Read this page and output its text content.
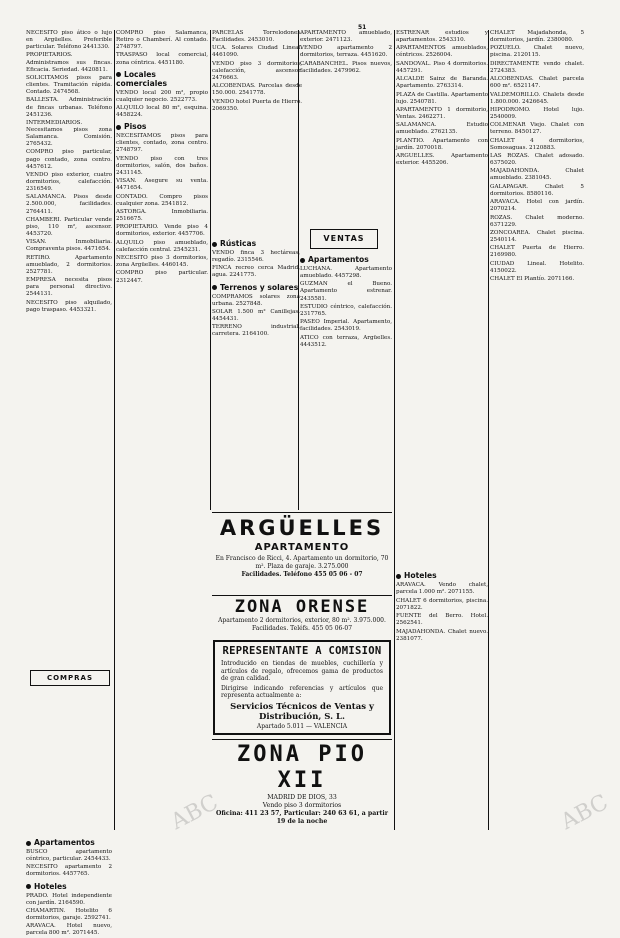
51

NECESITO piso ático o lujo en Argüelles. Preferible particular. Teléfono 2441330.

PROPIETARIOS. Administramos sus fincas. Eficacia. Seriedad. 4420811.

SOLICITAMOS pisos para clientes. Tramitación rápida. Contado. 2474568.

BALLESTA. Administración de fincas urbanas. Teléfono 2451236.

INTERMEDIARIOS. Necesitamos pisos zona Salamanca. Comisión. 2765432.

COMPRO piso particular, pago contado, zona centro. 4457612.

VENDO piso exterior, cuatro dormitorios, calefacción. 2316549.

SALAMANCA. Pisos desde 2.500.000, facilidades. 2764411.

CHAMBERI. Particular vende piso, 110 m², ascensor. 4453720.

VISAN. Inmobiliaria. Compraventa pisos. 4471654.

RETIRO. Apartamento amueblado, 2 dormitorios. 2527781.

EMPRESA necesita pisos para personal directivo. 2544131.

NECESITO piso alquilado, pago traspaso. 4453321.

Apartamentos

BUSCO apartamento céntrico, particular. 2454433.

NECESITO apartamento 2 dormitorios. 4457765.

Hoteles

PRADO. Hotel independiente con jardín. 2164590.

CHAMARTIN. Hotelito 6 dormitorios, garaje. 2592741.

ARAVACA. Hotel nuevo, parcela 800 m². 2071445.

COMPRAS

COMPRO piso Salamanca, Retiro o Chamberí. Al contado. 2748797.

TRASPASO local comercial, zona céntrica. 4451180.

Locales comerciales

VENDO local 200 m², propio cualquier negocio. 2522773.

ALQUILO local 80 m², esquina. 4458224.

Pisos

NECESITAMOS pisos para clientes, contado, zona centro. 2748797.

VENDO piso con tres dormitorios, salón, dos baños. 2431145.

VISAN. Asegure su venta. 4471654.

CONTADO. Compro pisos cualquier zona. 2541812.

ASTORGA. Inmobiliaria. 2516675.

PROPIETARIO. Vende piso 4 dormitorios, exterior. 4457706.

ALQUILO piso amueblado, calefacción central. 2545231.

NECESITO piso 3 dormitorios, zona Argüelles. 4460145.

COMPRO piso particular. 2312447.

PARCELAS Torrelodones. Facilidades. 2453010.

UCA. Solares Ciudad Lineal. 4461090.

VENDO piso 3 dormitorios, calefacción, ascensor. 2476663.

ALCOBENDAS. Parcelas desde 150.000. 2541778.

VENDO hotel Puerta de Hierro. 2069350.

Rústicas

VENDO finca 3 hectáreas, regadío. 2315546.

FINCA recreo cerca Madrid, agua. 2241775.

Terrenos y solares

COMPRAMOS solares zona urbana. 2527848.

SOLAR 1.500 m² Canillejas. 4454431.

TERRENO industrial, carretera. 2164100.

APARTAMENTO amueblado, exterior. 2471123.

VENDO apartamento 2 dormitorios, terraza. 4451620.

CARABANCHEL. Pisos nuevos, facilidades. 2479962.

VENTAS
Apartamentos

LUCHANA. Apartamento amueblado. 4457298.

GUZMAN el Bueno. Apartamento estrenar. 2435581.

ESTUDIO céntrico, calefacción. 2317765.

PASEO Imperial. Apartamento, facilidades. 2543019.

ATICO con terraza, Argüelles. 4443512.

ESTRENAR estudios y apartamentos. 2543310.

APARTAMENTOS amueblados, céntricos. 2526004.

SANDOVAL. Piso 4 dormitorios. 4457291.

ALCALDE Sainz de Baranda. Apartamento. 2763314.

PLAZA de Castilla. Apartamento lujo. 2540781.

APARTAMENTO 1 dormitorio, Ventas. 2462271.

SALAMANCA. Estudio amueblado. 2762135.

PLANTIO. Apartamento con jardín. 2070018.

ARGUELLES. Apartamento exterior. 4455206.

Hoteles

ARAVACA. Vendo chalet, parcela 1.000 m². 2071155.

CHALET 6 dormitorios, piscina. 2071822.

FUENTE del Berro. Hotel. 2562541.

MAJADAHONDA. Chalet nuevo. 2381077.

CHALET Majadahonda, 5 dormitorios, jardín. 2380080.

POZUELO. Chalet nuevo, piscina. 2120115.

DIRECTAMENTE vendo chalet. 2724383.

ALCOBENDAS. Chalet parcela 600 m². 6521147.

VALDEMORILLO. Chalets desde 1.800.000. 2426645.

HIPODROMO. Hotel lujo. 2540009.

COLMENAR Viejo. Chalet con terreno. 8450127.

CHALET 4 dormitorios, Somosaguas. 2120883.

LAS ROZAS. Chalet adosado. 6375020.

MAJADAHONDA. Chalet amueblado. 2381045.

GALAPAGAR. Chalet 5 dormitorios. 8580116.

ARAVACA. Hotel con jardín. 2070214.

ROZAS. Chalet moderno. 6371229.

ZONCOAREA. Chalet piscina. 2540114.

CHALET Puerta de Hierro. 2169980.

CIUDAD Lineal. Hotelito. 4150022.

CHALET El Plantío. 2071166.

ARGÜELLES
APARTAMENTO
En Francisco de Ricci, 4. Apartamento un dormitorio, 70 m². Plaza de garaje. 3.275.000
Facilidades. Teléfono 455 05 06 - 07
ZONA ORENSE
Apartamento 2 dormitorios, exterior, 80 m². 3.975.000. Facilidades. Teléfs. 455 05 06-07
REPRESENTANTE A COMISION
Introducido en tiendas de muebles, cuchillería y artículos de regalo, ofrecemos gama de productos de gran calidad.
Dirigirse indicando referencias y artículos que representa actualmente a:
Servicios Técnicos de Ventas y Distribución, S. L.
Apartado 5.011 — VALENCIA
ZONA PIO XII
MADRID DE DIOS, 33
Vendo piso 3 dormitorios
Oficina: 411 23 57, Particular: 240 63 61, a partir 19 de la noche
ABC	ABC
